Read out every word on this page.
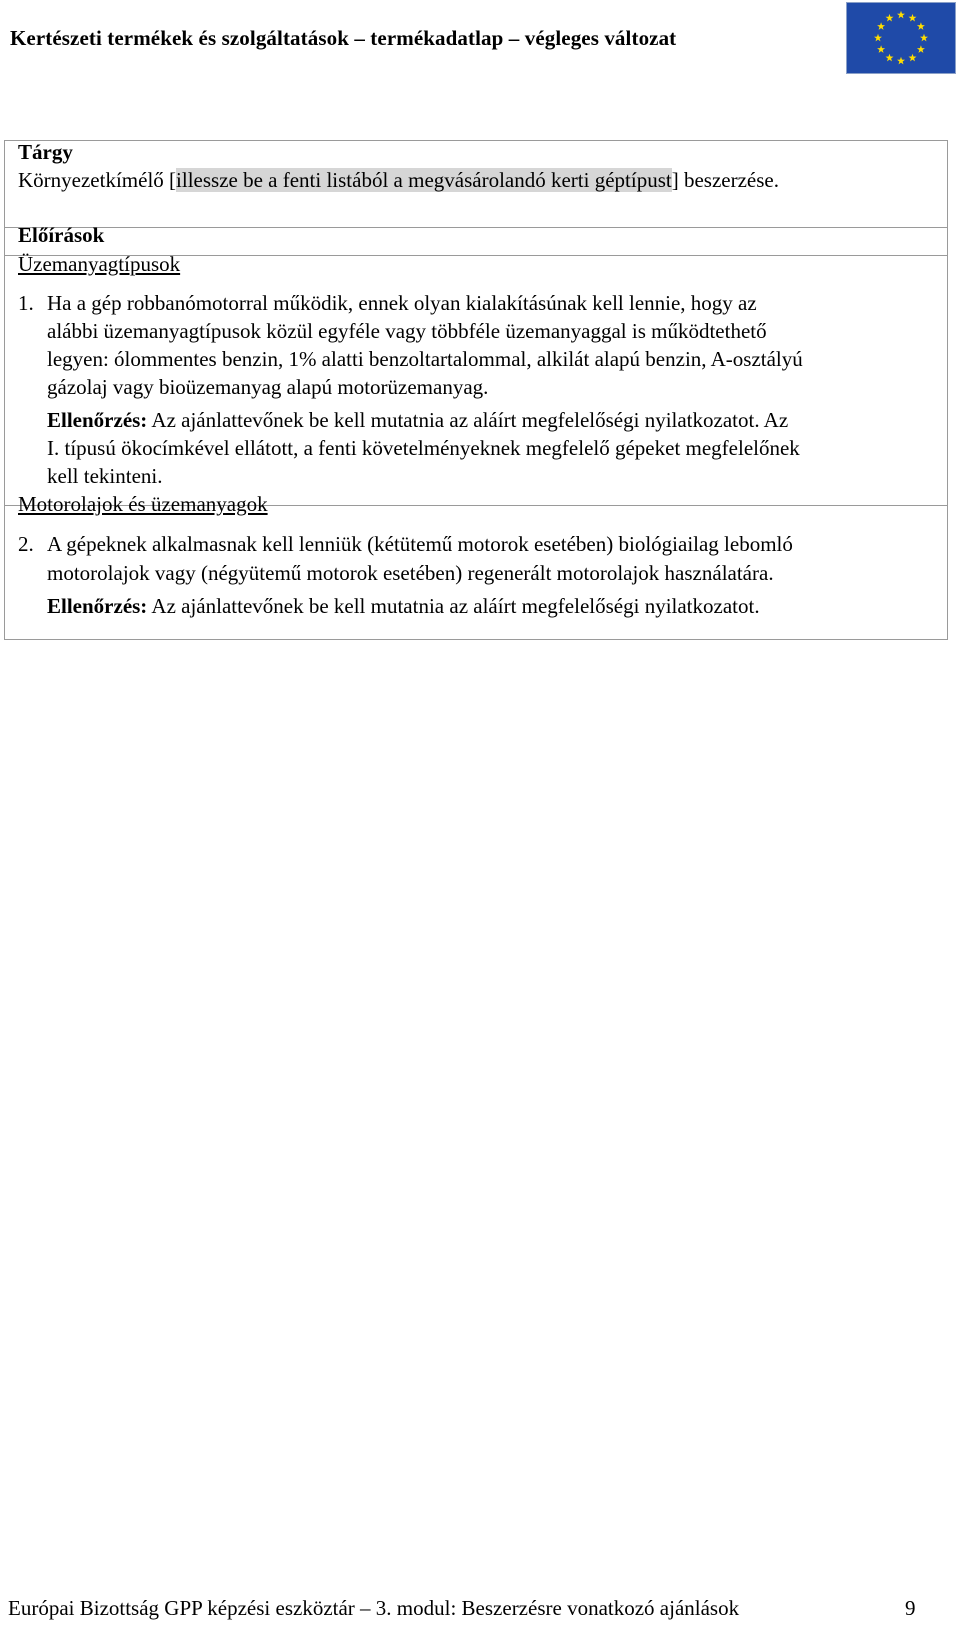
Kertészeti termékek és szolgáltatások – termékadatlap – végleges változat
Tárgy
Környezetkímélő [illessze be a fenti listából a megvásárolandó kerti géptípust] beszerzése.
Előírások
Üzemanyagtípusok
1. Ha a gép robbanómotorral működik, ennek olyan kialakításúnak kell lennie, hogy az
alábbi üzemanyagtípusok közül egyféle vagy többféle üzemanyaggal is működtethető
legyen: ólommentes benzin, 1% alatti benzoltartalommal, alkilát alapú benzin, A-osztályú
gázolaj vagy bioüzemanyag alapú motorüzemanyag.
Ellenőrzés: Az ajánlattevőnek be kell mutatnia az aláírt megfelelőségi nyilatkozatot. Az
I. típusú ökocímkével ellátott, a fenti követelményeknek megfelelő gépeket megfelelőnek
kell tekinteni.
Motorolajok és üzemanyagok
2. A gépeknek alkalmasnak kell lenniük (kétütemű motorok esetében) biológiailag lebomló
motorolajok vagy (négyütemű motorok esetében) regenerált motorolajok használatára.
Ellenőrzés: Az ajánlattevőnek be kell mutatnia az aláírt megfelelőségi nyilatkozatot.
Európai Bizottság GPP képzési eszköztár – 3. modul: Beszerzésre vonatkozó ajánlások	9
